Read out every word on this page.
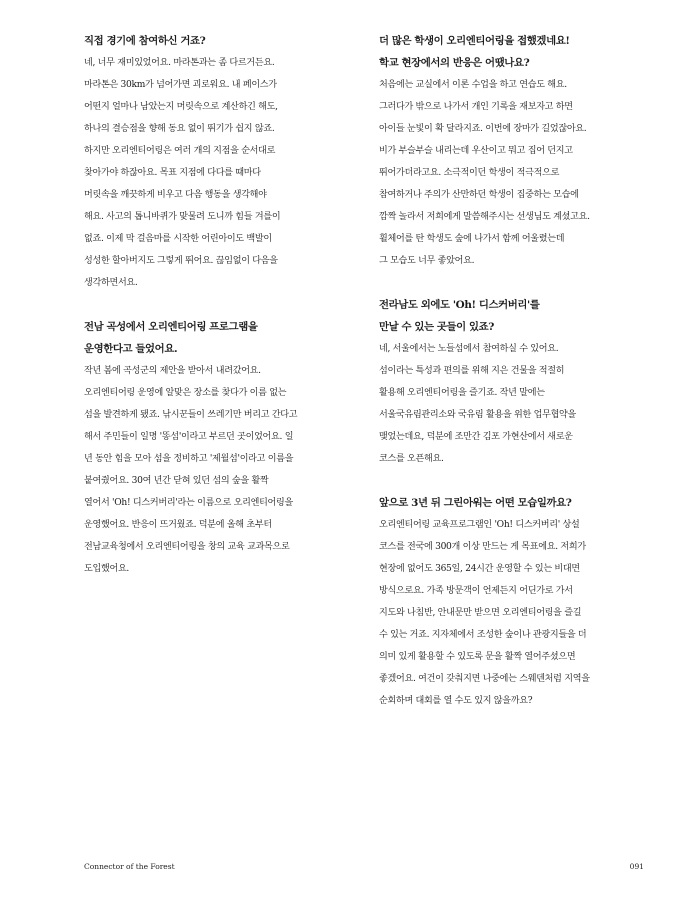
직접 경기에 참여하신 거죠?
네, 너무 재미있었어요. 마라톤과는 좀 다르거든요.
마라톤은 30km가 넘어가면 괴로워요. 내 페이스가
어떤지 얼마나 남았는지 머릿속으로 계산하긴 해도,
하나의 결승점을 향해 동요 없이 뛰기가 쉽지 않죠.
하지만 오리엔티어링은 여러 개의 지점을 순서대로
찾아가야 하잖아요. 목표 지점에 다다를 때마다
머릿속을 깨끗하게 비우고 다음 행동을 생각해야
해요. 사고의 톱니바퀴가 맞물려 도니까 힘들 겨를이
없죠. 이제 막 걸음마를 시작한 어린아이도 백발이
성성한 할아버지도 그렇게 뛰어요. 끊임없이 다음을
생각하면서요.
전남 곡성에서 오리엔티어링 프로그램을
운영한다고 들었어요.
작년 봄에 곡성군의 제안을 받아서 내려갔어요.
오리엔티어링 운영에 알맞은 장소를 찾다가 이름 없는
섬을 발견하게 됐죠. 낚시꾼들이 쓰레기만 버리고 간다고
해서 주민들이 일명 '똥섬'이라고 부르던 곳이었어요. 일
년 동안 힘을 모아 섬을 정비하고 '제월섬'이라고 이름을
붙여줬어요. 30여 년간 닫혀 있던 섬의 숲을 활짝
열어서 'Oh! 디스커버리'라는 이름으로 오리엔티어링을
운영했어요. 반응이 뜨거웠죠. 덕분에 올해 초부터
전남교육청에서 오리엔티어링을 창의 교육 교과목으로
도입했어요.
더 많은 학생이 오리엔티어링을 접했겠네요!
학교 현장에서의 반응은 어땠나요?
처음에는 교실에서 이론 수업을 하고 연습도 해요.
그러다가 밖으로 나가서 개인 기록을 재보자고 하면
아이들 눈빛이 확 달라지죠. 이번에 장마가 길었잖아요.
비가 부슬부슬 내리는데 우산이고 뭐고 집어 던지고
뛰어가더라고요. 소극적이던 학생이 적극적으로
참여하거나 주의가 산만하던 학생이 집중하는 모습에
깜짝 놀라서 저희에게 말씀해주시는 선생님도 계셨고요.
휠체어를 탄 학생도 숲에 나가서 함께 어울렸는데
그 모습도 너무 좋았어요.
전라남도 외에도 'Oh! 디스커버리'를
만날 수 있는 곳들이 있죠?
네, 서울에서는 노들섬에서 참여하실 수 있어요.
섬이라는 특성과 편의를 위해 지은 건물을 적절히
활용해 오리엔티어링을 즐기죠. 작년 말에는
서울국유림관리소와 국유림 활용을 위한 업무협약을
맺었는데요, 덕분에 조만간 김포 가현산에서 새로운
코스를 오픈해요.
앞으로 3년 뒤 그린아워는 어떤 모습일까요?
오리엔티어링 교육프로그램인 'Oh! 디스커버리' 상설
코스를 전국에 300개 이상 만드는 게 목표에요. 저희가
현장에 없어도 365일, 24시간 운영할 수 있는 비대면
방식으로요. 가족 방문객이 언제든지 어딘가로 가서
지도와 나침반, 안내문만 받으면 오리엔티어링을 즐길
수 있는 거죠. 지자체에서 조성한 숲이나 관광지들을 더
의미 있게 활용할 수 있도록 문을 활짝 열어주셨으면
좋겠어요. 여건이 갖춰지면 나중에는 스웨덴처럼 지역을
순회하며 대회를 열 수도 있지 않을까요?
Connector of the Forest	091
